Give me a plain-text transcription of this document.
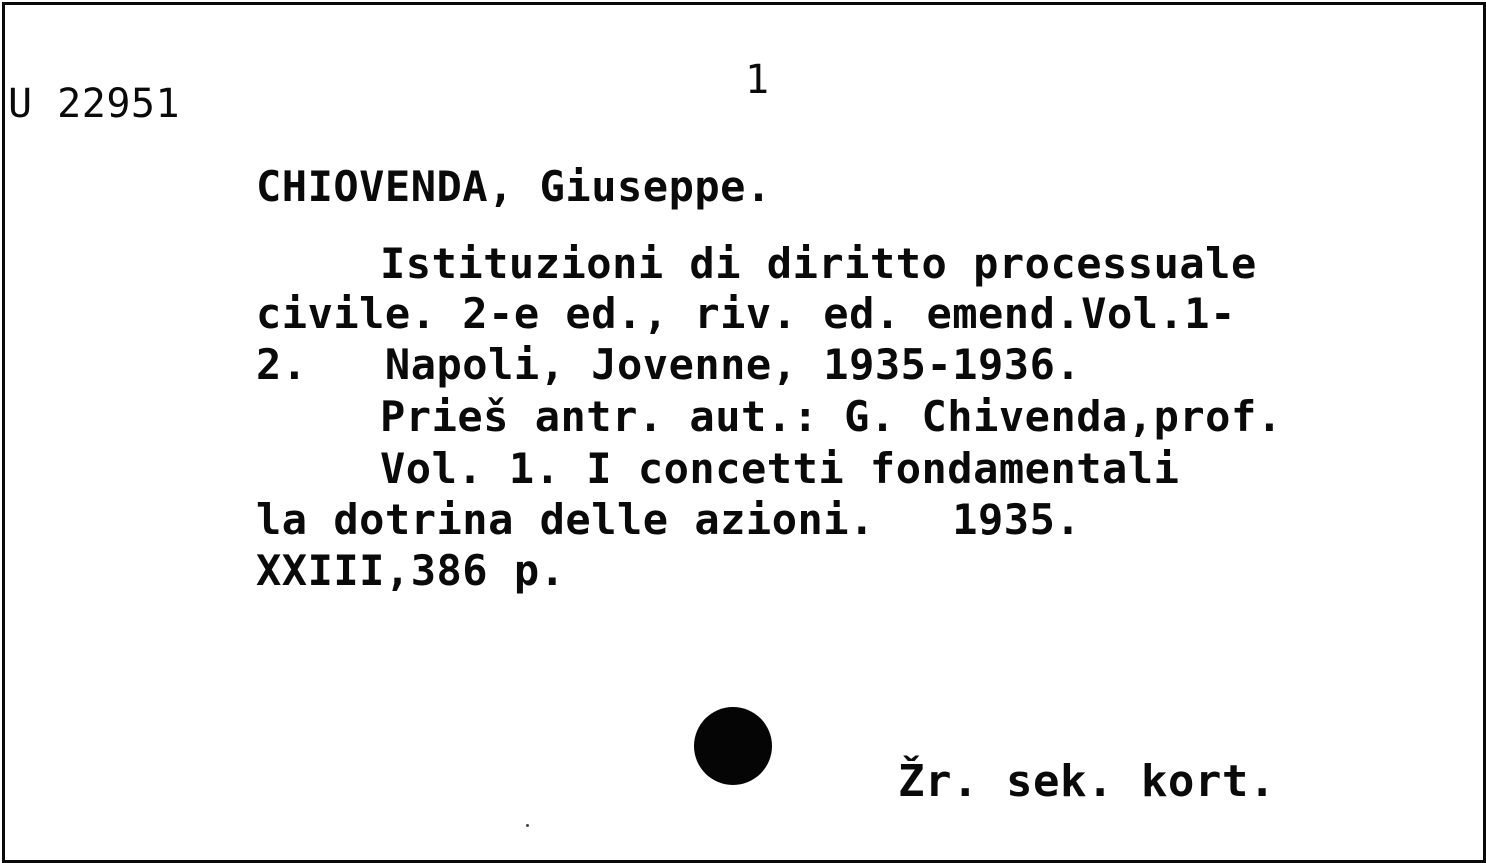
U 22951
1
CHIOVENDA, Giuseppe.
Istituzioni di diritto processuale
civile. 2-e ed., riv. ed. emend.Vol.1-
2.   Napoli, Jovenne, 1935-1936.
Prieš antr. aut.: G. Chivenda,prof.
Vol. 1. I concetti fondamentali
la dotrina delle azioni.   1935.
XXIII,386 p.
Žr. sek. kort.
